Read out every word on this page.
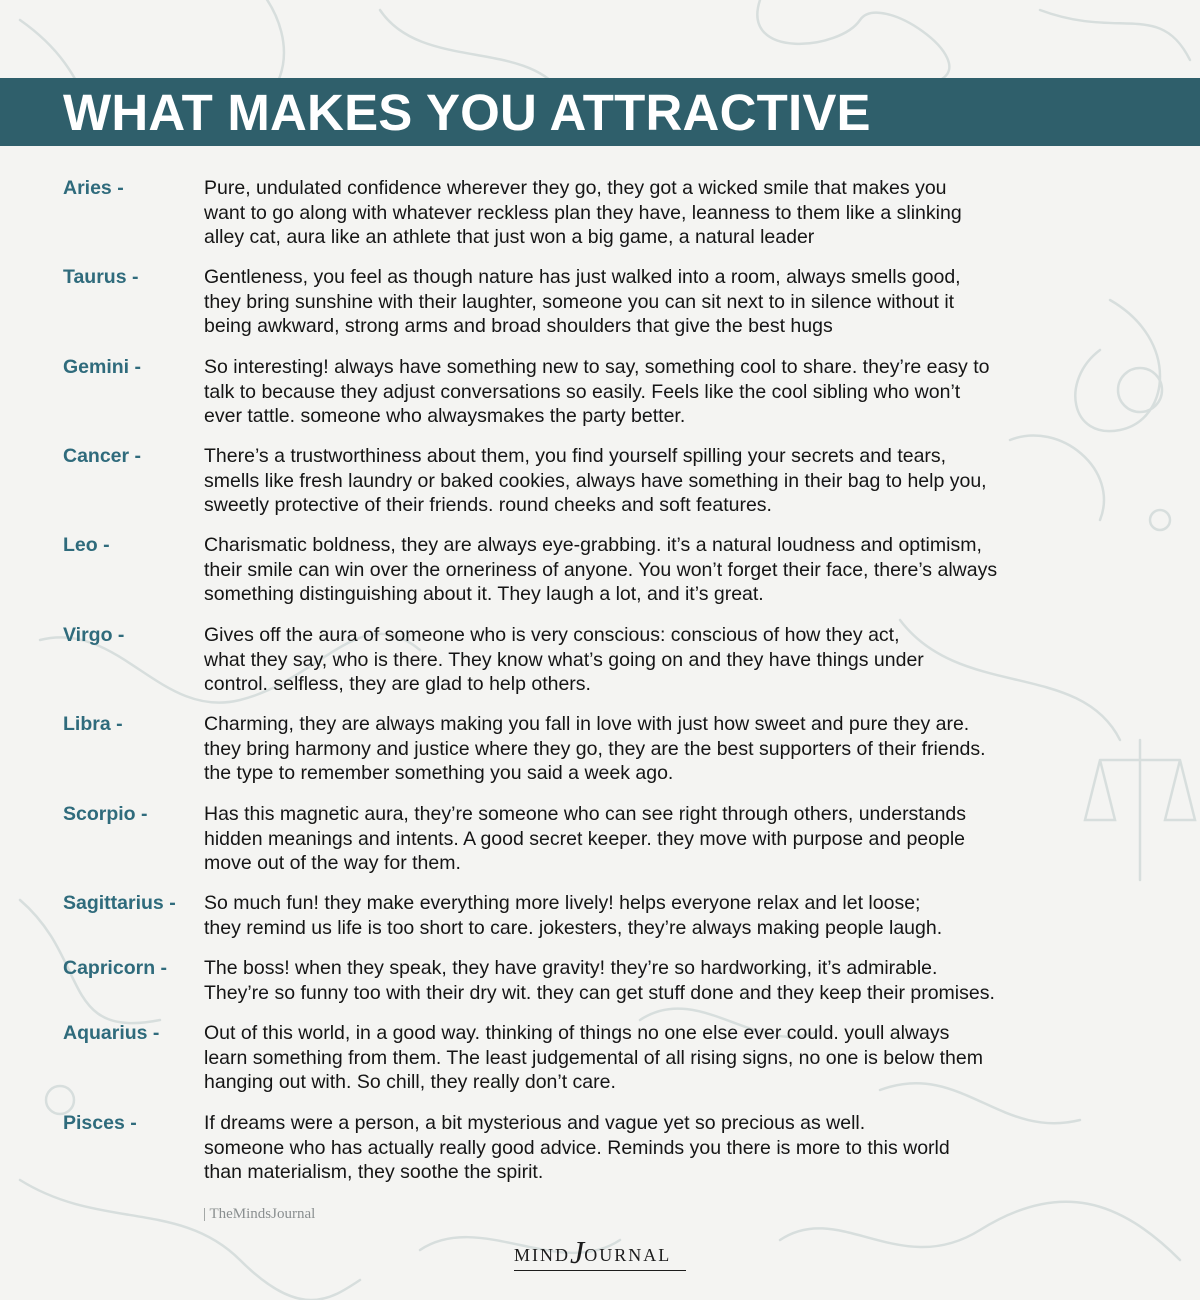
WHAT MAKES YOU ATTRACTIVE
Aries -	Pure, undulated confidence wherever they go, they got a wicked smile that makes you
want to go along with whatever reckless plan they have, leanness to them like a slinking
alley cat, aura like an athlete that just won a big game, a natural leader
Taurus -	Gentleness, you feel as though nature has just walked into a room, always smells good,
they bring sunshine with their laughter, someone you can sit next to in silence without it
being awkward, strong arms and broad shoulders that give the best hugs
Gemini -	So interesting! always have something new to say, something cool to share. they’re easy to
talk to because they adjust conversations so easily. Feels like the cool sibling who won’t
ever tattle. someone who alwaysmakes the party better.
Cancer -	There’s a trustworthiness about them, you find yourself spilling your secrets and tears,
smells like fresh laundry or baked cookies, always have something in their bag to help you,
sweetly protective of their friends. round cheeks and soft features.
Leo -	Charismatic boldness, they are always eye-grabbing. it’s a natural loudness and optimism,
their smile can win over the orneriness of anyone. You won’t forget their face, there’s always
something distinguishing about it. They laugh a lot, and it’s great.
Virgo -	Gives off the aura of someone who is very conscious: conscious of how they act,
what they say, who is there. They know what’s going on and they have things under
control. selfless, they are glad to help others.
Libra -	Charming, they are always making you fall in love with just how sweet and pure they are.
they bring harmony and justice where they go, they are the best supporters of their friends.
the type to remember something you said a week ago.
Scorpio -	Has this magnetic aura, they’re someone who can see right through others, understands
hidden meanings and intents. A good secret keeper. they move with purpose and people
move out of the way for them.
Sagittarius - So much fun! they make everything more lively! helps everyone relax and let loose;
they remind us life is too short to care. jokesters, they’re always making people laugh.
Capricorn - The boss! when they speak, they have gravity! they’re so hardworking, it’s admirable.
They’re so funny too with their dry wit. they can get stuff done and they keep their promises.
Aquarius - Out of this world, in a good way. thinking of things no one else ever could. youll always
learn something from them. The least judgemental of all rising signs, no one is below them
hanging out with. So chill, they really don’t care.
Pisces -	If dreams were a person, a bit mysterious and vague yet so precious as well.
someone who has actually really good advice. Reminds you there is more to this world
than materialism, they soothe the spirit.
| TheMindsJournal
MINDJOURNAL
